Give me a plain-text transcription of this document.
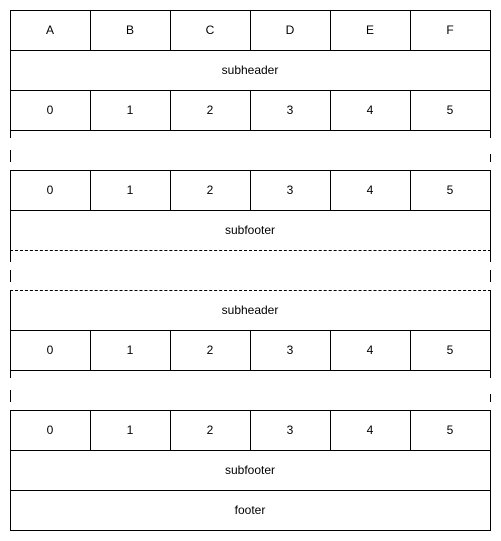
A	B	C	D	E	F
subheader
0	1	2	3	4	5
0	1	2	3	4	5
subfooter
subheader
0	1	2	3	4	5
0	1	2	3	4	5
subfooter
footer
